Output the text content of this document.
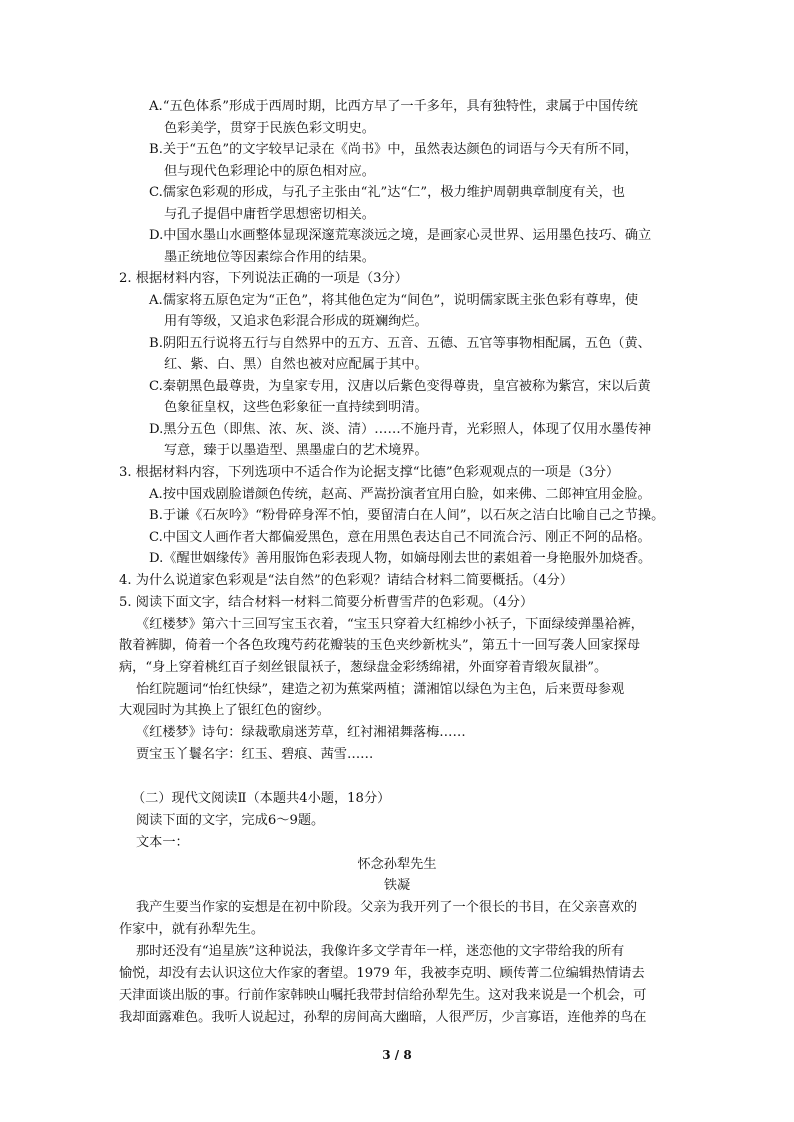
A.“五色体系”形成于西周时期，比西方早了一千多年，具有独特性，隶属于中国传统
色彩美学，贯穿于民族色彩文明史。
B.关于“五色”的文字较早记录在《尚书》中，虽然表达颜色的词语与今天有所不同，
但与现代色彩理论中的原色相对应。
C.儒家色彩观的形成，与孔子主张由“礼”达“仁”，极力维护周朝典章制度有关，也
与孔子提倡中庸哲学思想密切相关。
D.中国水墨山水画整体显现深邃荒寒淡远之境，是画家心灵世界、运用墨色技巧、确立
墨正统地位等因素综合作用的结果。
2. 根据材料内容，下列说法正确的一项是（3分）
A.儒家将五原色定为“正色”，将其他色定为“间色”，说明儒家既主张色彩有尊卑，使
用有等级，又追求色彩混合形成的斑斓绚烂。
B.阴阳五行说将五行与自然界中的五方、五音、五德、五官等事物相配属，五色（黄、
红、紫、白、黑）自然也被对应配属于其中。
C.秦朝黑色最尊贵，为皇家专用，汉唐以后紫色变得尊贵，皇宫被称为紫宫，宋以后黄
色象征皇权，这些色彩象征一直持续到明清。
D.黑分五色（即焦、浓、灰、淡、清）……不施丹青，光彩照人，体现了仅用水墨传神
写意，臻于以墨造型、黑墨虚白的艺术境界。
3. 根据材料内容，下列选项中不适合作为论据支撑“比德”色彩观观点的一项是（3分）
A.按中国戏剧脸谱颜色传统，赵高、严嵩扮演者宜用白脸，如来佛、二郎神宜用金脸。
B.于谦《石灰吟》“粉骨碎身浑不怕，要留清白在人间”，以石灰之洁白比喻自己之节操。
C.中国文人画作者大都偏爱黑色，意在用黑色表达自己不同流合污、刚正不阿的品格。
D.《醒世姻缘传》善用服饰色彩表现人物，如嫡母刚去世的素姐着一身艳服外加烧香。
4. 为什么说道家色彩观是“法自然”的色彩观？请结合材料二简要概括。（4分）
5. 阅读下面文字，结合材料一材料二简要分析曹雪芹的色彩观。（4分）
《红楼梦》第六十三回写宝玉衣着，“宝玉只穿着大红棉纱小袄子，下面绿绫弹墨袷裤，
散着裤脚，倚着一个各色玫瑰芍药花瓣装的玉色夹纱新枕头”，第五十一回写袭人回家探母
病，“身上穿着桃红百子刻丝银鼠袄子，葱绿盘金彩绣绵裙，外面穿着青缎灰鼠褂”。
怡红院题词“怡红快绿”，建造之初为蕉棠两植；潇湘馆以绿色为主色，后来贾母参观
大观园时为其换上了银红色的窗纱。
《红楼梦》诗句：绿裁歌扇迷芳草，红衬湘裙舞落梅……
贾宝玉丫鬟名字：红玉、碧痕、茜雪……
（二）现代文阅读Ⅱ（本题共4小题，18分）
阅读下面的文字，完成6～9题。
文本一：
怀念孙犁先生
铁凝
我产生要当作家的妄想是在初中阶段。父亲为我开列了一个很长的书目，在父亲喜欢的
作家中，就有孙犁先生。
那时还没有“追星族”这种说法，我像许多文学青年一样，迷恋他的文字带给我的所有
愉悦，却没有去认识这位大作家的奢望。1979 年，我被李克明、顾传菁二位编辑热情请去
天津面谈出版的事。行前作家韩映山嘱托我带封信给孙犁先生。这对我来说是一个机会，可
我却面露难色。我听人说起过，孙犁的房间高大幽暗，人很严厉，少言寡语，连他养的鸟在
3 / 8
